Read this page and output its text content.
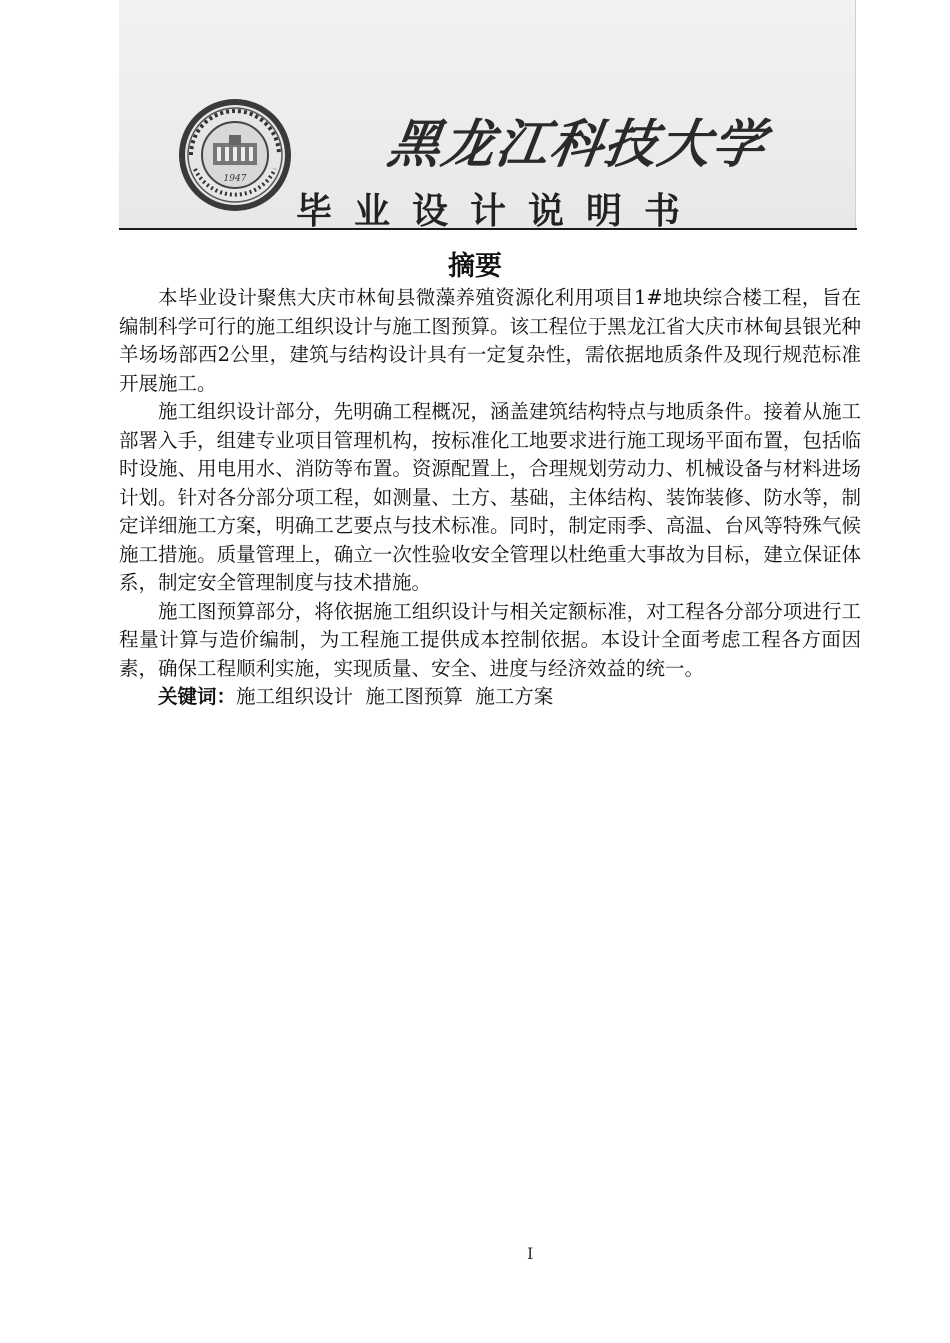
1947
黑龙江科技大学
毕业设计说明书
摘要

本毕业设计聚焦大庆市林甸县微藻养殖资源化利用项目1#地块综合楼工程，旨在编制科学可行的施工组织设计与施工图预算。该工程位于黑龙江省大庆市林甸县银光种羊场场部西2公里，建筑与结构设计具有一定复杂性，需依据地质条件及现行规范标准开展施工。

施工组织设计部分，先明确工程概况，涵盖建筑结构特点与地质条件。接着从施工部署入手，组建专业项目管理机构，按标准化工地要求进行施工现场平面布置，包括临时设施、用电用水、消防等布置。资源配置上，合理规划劳动力、机械设备与材料进场计划。针对各分部分项工程，如测量、土方、基础，主体结构、装饰装修、防水等，制定详细施工方案，明确工艺要点与技术标准。同时，制定雨季、高温、台风等特殊气候施工措施。质量管理上，确立一次性验收安全管理以杜绝重大事故为目标，建立保证体系，制定安全管理制度与技术措施。

施工图预算部分，将依据施工组织设计与相关定额标准，对工程各分部分项进行工程量计算与造价编制，为工程施工提供成本控制依据。本设计全面考虑工程各方面因素，确保工程顺利实施，实现质量、安全、进度与经济效益的统一。

关键词：施工组织设计  施工图预算  施工方案

I
